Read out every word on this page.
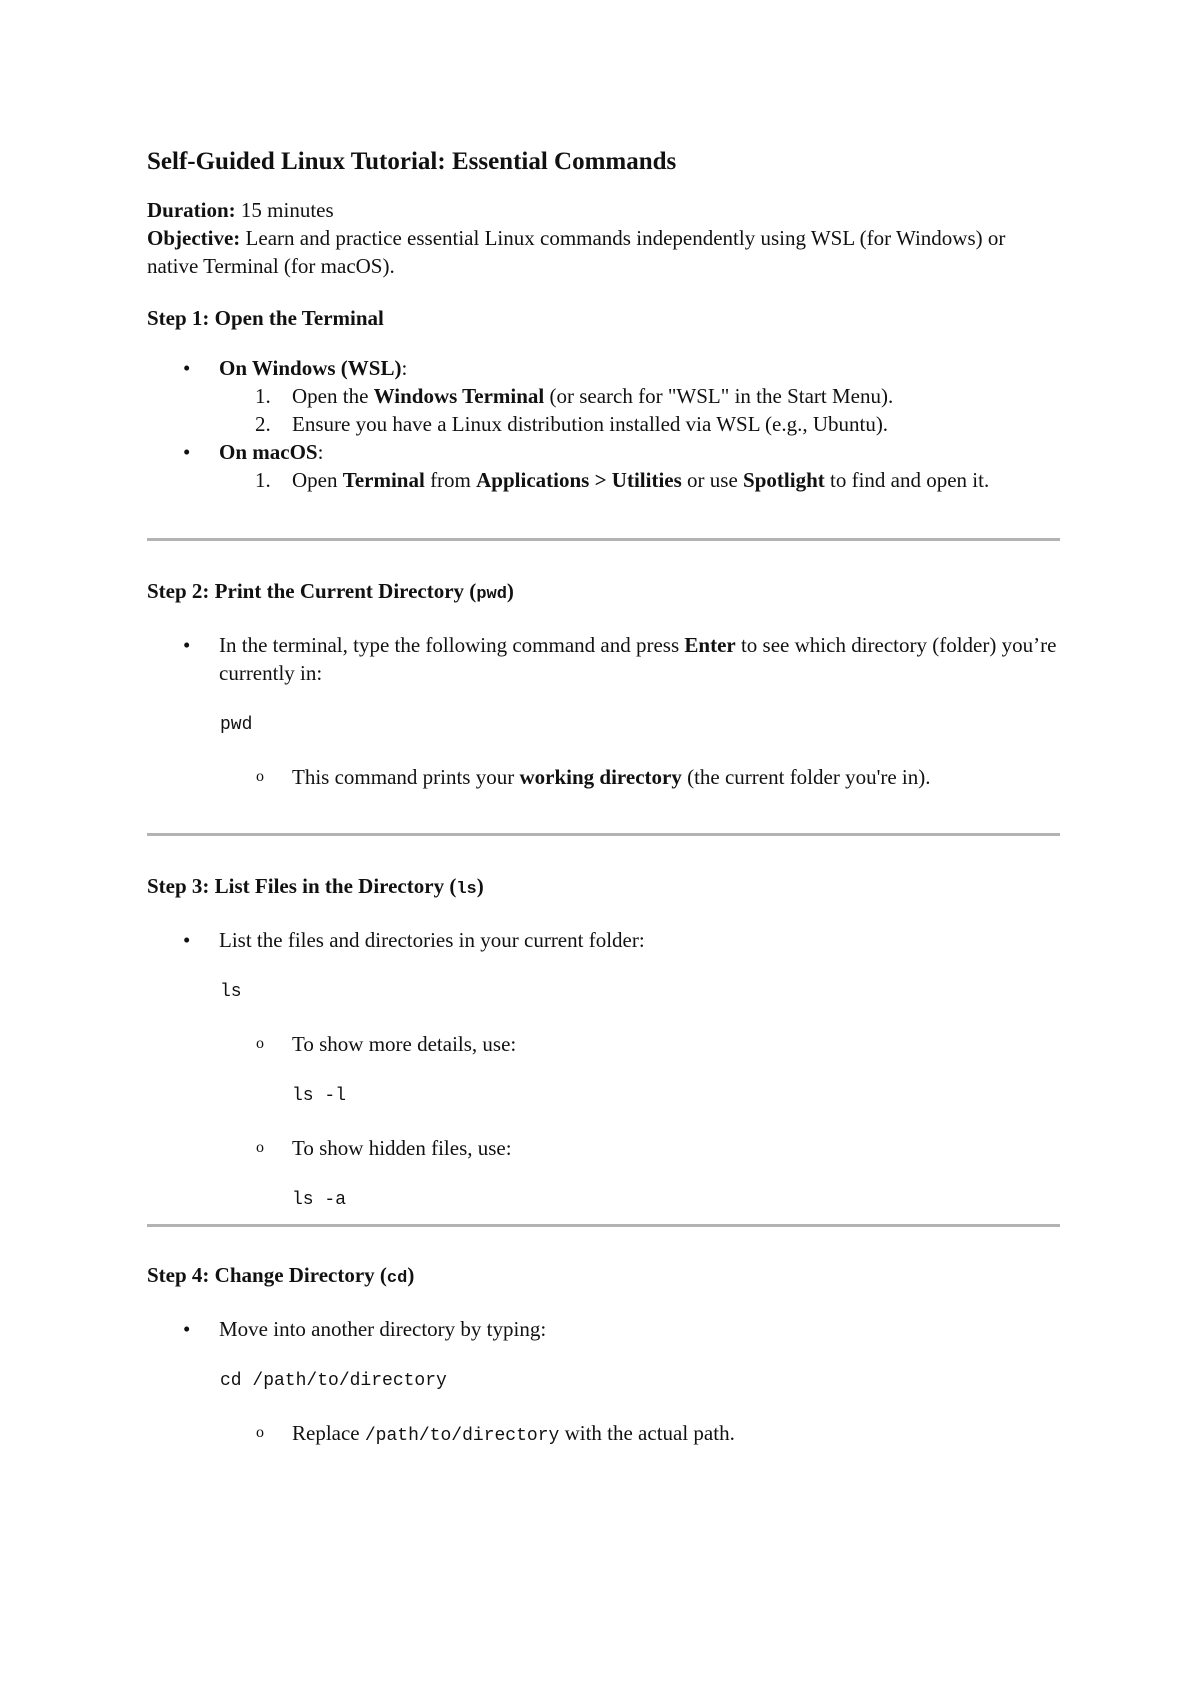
Self-Guided Linux Tutorial: Essential Commands

Duration: 15 minutes

Objective: Learn and practice essential Linux commands independently using WSL (for Windows) or native Terminal (for macOS).

Step 1: Open the Terminal
• On Windows (WSL):
1.	Open the Windows Terminal (or search for "WSL" in the Start Menu).
2.	Ensure you have a Linux distribution installed via WSL (e.g., Ubuntu).
• On macOS:
1.	Open Terminal from Applications > Utilities or use Spotlight to find and open it.
Step 2: Print the Current Directory (pwd)
• In the terminal, type the following command and press Enter to see which directory (folder) you’re currently in:
pwd
o This command prints your working directory (the current folder you're in).
Step 3: List Files in the Directory (ls)
• List the files and directories in your current folder:
ls
o To show more details, use:
ls -l
o To show hidden files, use:
ls -a
Step 4: Change Directory (cd)
• Move into another directory by typing:
cd /path/to/directory
o Replace /path/to/directory with the actual path.
